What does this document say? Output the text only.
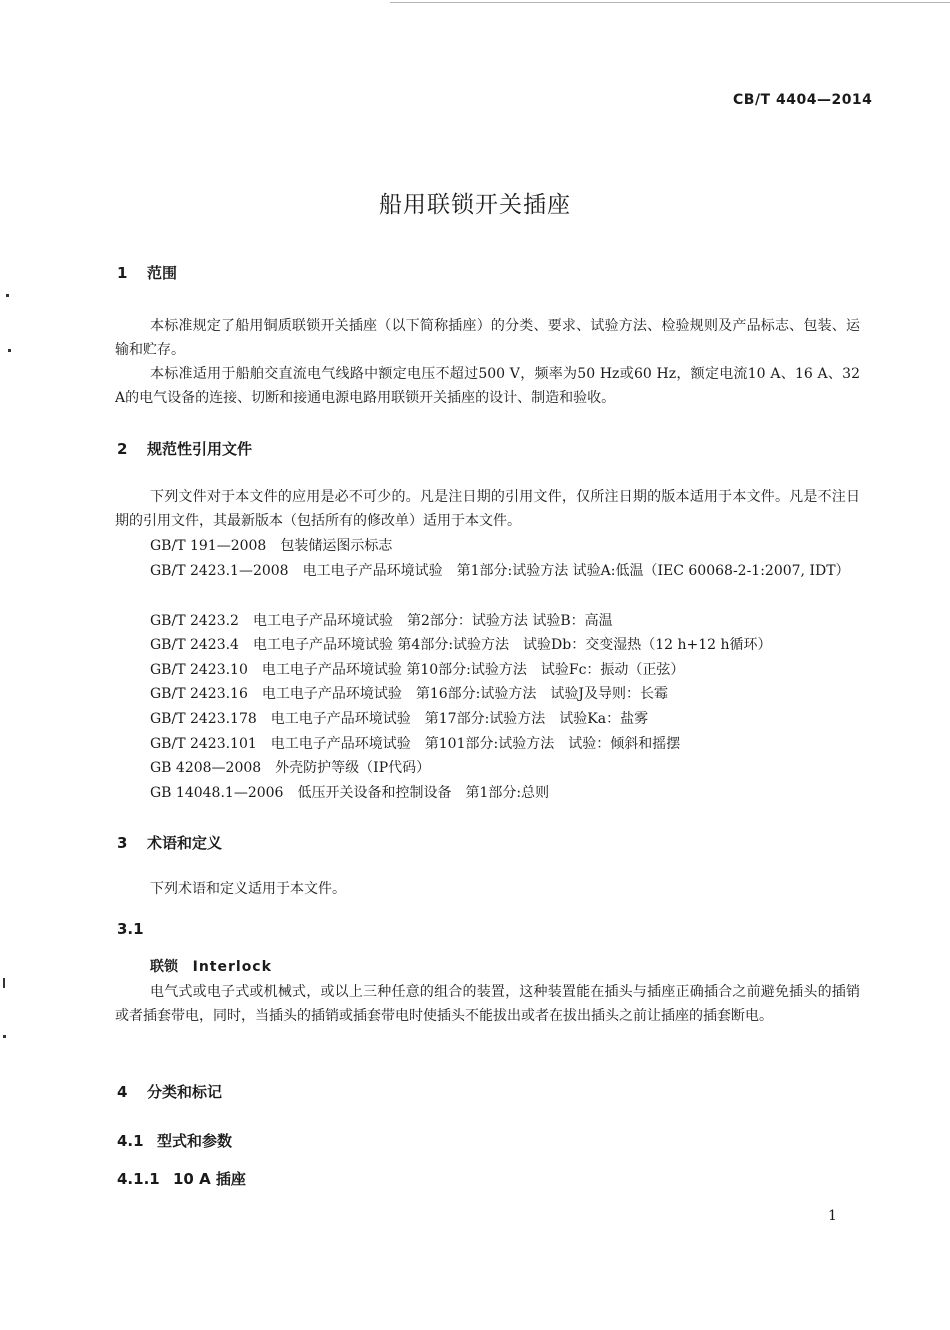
CB/T 4404—2014
船用联锁开关插座
1 范围
本标准规定了船用铜质联锁开关插座（以下简称插座）的分类、要求、试验方法、检验规则及产品标志、包装、运输和贮存。
本标准适用于船舶交直流电气线路中额定电压不超过500 V，频率为50 Hz或60 Hz，额定电流10 A、16 A、32 A的电气设备的连接、切断和接通电源电路用联锁开关插座的设计、制造和验收。
2 规范性引用文件
下列文件对于本文件的应用是必不可少的。凡是注日期的引用文件，仅所注日期的版本适用于本文件。凡是不注日期的引用文件，其最新版本（包括所有的修改单）适用于本文件。
GB/T 191—2008　包装储运图示标志
GB/T 2423.1—2008　电工电子产品环境试验　第1部分:试验方法 试验A:低温（IEC 60068-2-1:2007, IDT）
GB/T 2423.2　电工电子产品环境试验　第2部分：试验方法 试验B：高温
GB/T 2423.4　电工电子产品环境试验 第4部分:试验方法　试验Db：交变湿热（12 h+12 h循环）
GB/T 2423.10　电工电子产品环境试验 第10部分:试验方法　试验Fc：振动（正弦）
GB/T 2423.16　电工电子产品环境试验　第16部分:试验方法　试验J及导则：长霉
GB/T 2423.178　电工电子产品环境试验　第17部分:试验方法　试验Ka：盐雾
GB/T 2423.101　电工电子产品环境试验　第101部分:试验方法　试验：倾斜和摇摆
GB 4208—2008　外壳防护等级（IP代码）
GB 14048.1—2006　低压开关设备和控制设备　第1部分:总则
3 术语和定义
下列术语和定义适用于本文件。
3.1
联锁 Interlock
电气式或电子式或机械式，或以上三种任意的组合的装置，这种装置能在插头与插座正确插合之前避免插头的插销或者插套带电，同时，当插头的插销或插套带电时使插头不能拔出或者在拔出插头之前让插座的插套断电。
4 分类和标记
4.1 型式和参数
4.1.1 10 A 插座
1
